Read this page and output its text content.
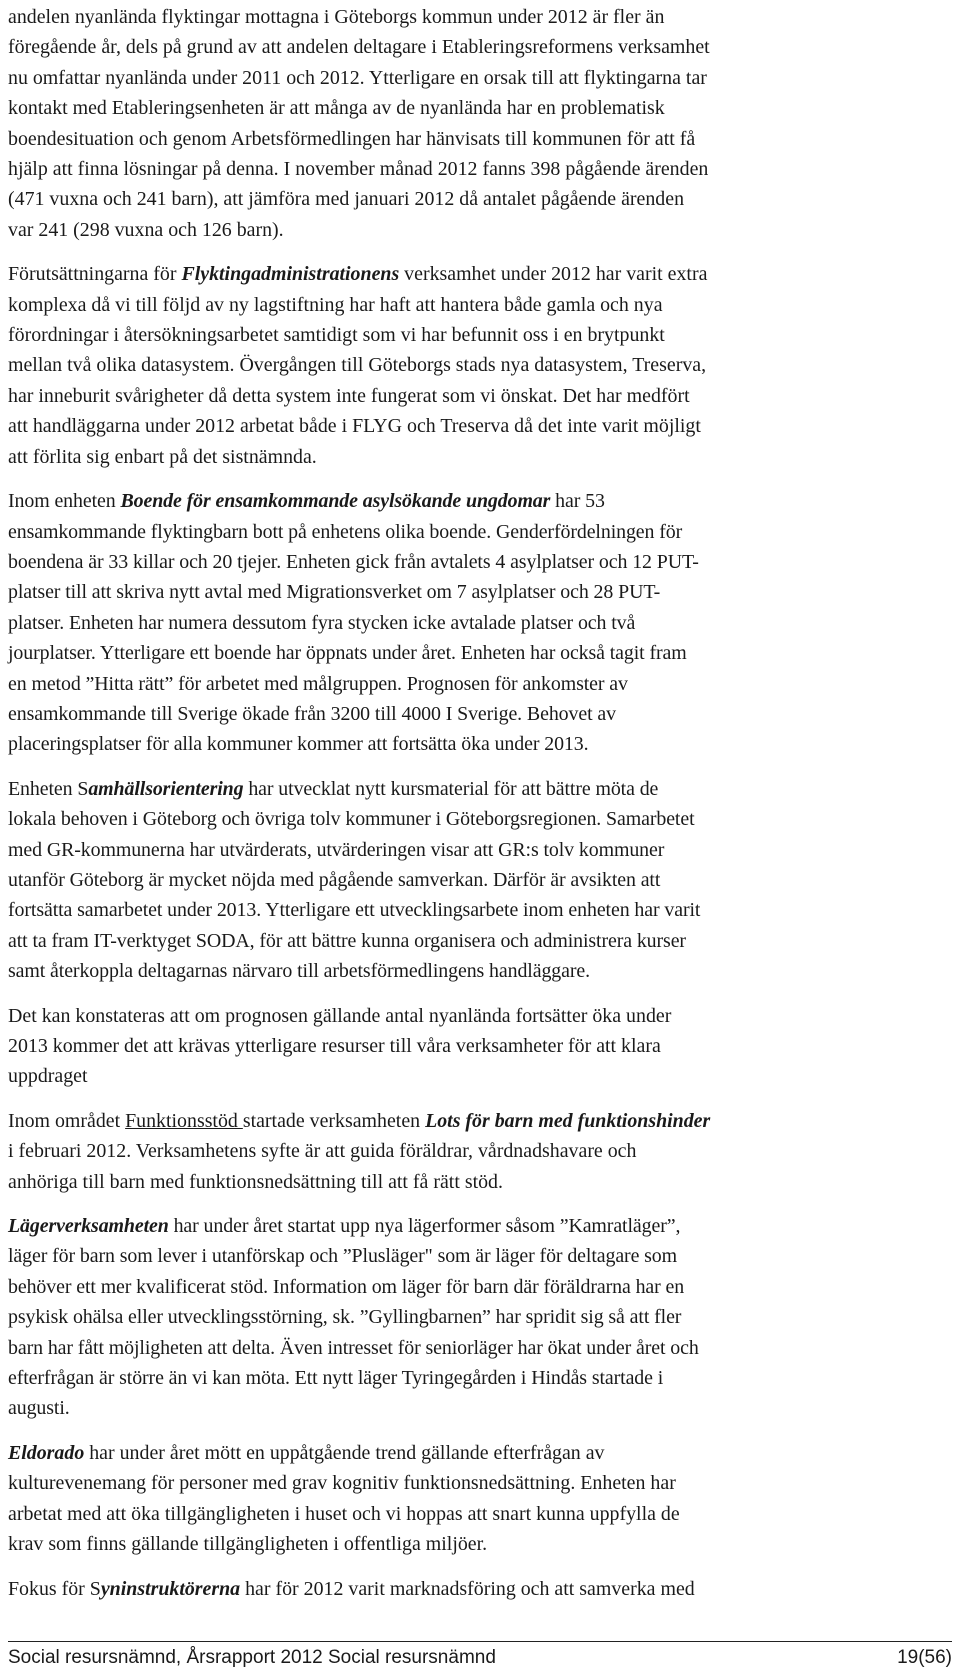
andelen nyanlända flyktingar mottagna i Göteborgs kommun under 2012 är fler än
föregående år, dels på grund av att andelen deltagare i Etableringsreformens verksamhet
nu omfattar nyanlända under 2011 och 2012. Ytterligare en orsak till att flyktingarna tar
kontakt med Etableringsenheten är att många av de nyanlända har en problematisk
boendesituation och genom Arbetsförmedlingen har hänvisats till kommunen för att få
hjälp att finna lösningar på denna. I november månad 2012 fanns 398 pågående ärenden
(471 vuxna och 241 barn), att jämföra med januari 2012 då antalet pågående ärenden
var 241 (298 vuxna och 126 barn).

Förutsättningarna för Flyktingadministrationens verksamhet under 2012 har varit extra
komplexa då vi till följd av ny lagstiftning har haft att hantera både gamla och nya
förordningar i återsökningsarbetet samtidigt som vi har befunnit oss i en brytpunkt
mellan två olika datasystem. Övergången till Göteborgs stads nya datasystem, Treserva,
har inneburit svårigheter då detta system inte fungerat som vi önskat. Det har medfört
att handläggarna under 2012 arbetat både i FLYG och Treserva då det inte varit möjligt
att förlita sig enbart på det sistnämnda.

Inom enheten Boende för ensamkommande asylsökande ungdomar har 53
ensamkommande flyktingbarn bott på enhetens olika boende. Genderfördelningen för
boendena är 33 killar och 20 tjejer. Enheten gick från avtalets 4 asylplatser och 12 PUT-
platser till att skriva nytt avtal med Migrationsverket om 7 asylplatser och 28 PUT-
platser. Enheten har numera dessutom fyra stycken icke avtalade platser och två
jourplatser. Ytterligare ett boende har öppnats under året. Enheten har också tagit fram
en metod ”Hitta rätt” för arbetet med målgruppen. Prognosen för ankomster av
ensamkommande till Sverige ökade från 3200 till 4000 I Sverige. Behovet av
placeringsplatser för alla kommuner kommer att fortsätta öka under 2013.

Enheten Samhällsorientering har utvecklat nytt kursmaterial för att bättre möta de
lokala behoven i Göteborg och övriga tolv kommuner i Göteborgsregionen. Samarbetet
med GR-kommunerna har utvärderats, utvärderingen visar att GR:s tolv kommuner
utanför Göteborg är mycket nöjda med pågående samverkan. Därför är avsikten att
fortsätta samarbetet under 2013. Ytterligare ett utvecklingsarbete inom enheten har varit
att ta fram IT-verktyget SODA, för att bättre kunna organisera och administrera kurser
samt återkoppla deltagarnas närvaro till arbetsförmedlingens handläggare.

Det kan konstateras att om prognosen gällande antal nyanlända fortsätter öka under
2013 kommer det att krävas ytterligare resurser till våra verksamheter för att klara
uppdraget

Inom området Funktionsstöd startade verksamheten Lots för barn med funktionshinder
i februari 2012. Verksamhetens syfte är att guida föräldrar, vårdnadshavare och
anhöriga till barn med funktionsnedsättning till att få rätt stöd.

Lägerverksamheten har under året startat upp nya lägerformer såsom ”Kamratläger”,
läger för barn som lever i utanförskap och ”Plusläger" som är läger för deltagare som
behöver ett mer kvalificerat stöd. Information om läger för barn där föräldrarna har en
psykisk ohälsa eller utvecklingsstörning, sk. ”Gyllingbarnen” har spridit sig så att fler
barn har fått möjligheten att delta. Även intresset för seniorläger har ökat under året och
efterfrågan är större än vi kan möta. Ett nytt läger Tyringegården i Hindås startade i
augusti.

Eldorado har under året mött en uppåtgående trend gällande efterfrågan av
kulturevenemang för personer med grav kognitiv funktionsnedsättning. Enheten har
arbetat med att öka tillgängligheten i huset och vi hoppas att snart kunna uppfylla de
krav som finns gällande tillgängligheten i offentliga miljöer.

Fokus för Syninstruktörerna har för 2012 varit marknadsföring och att samverka med

Social resursnämnd, Årsrapport 2012 Social resursnämnd	19(56)
